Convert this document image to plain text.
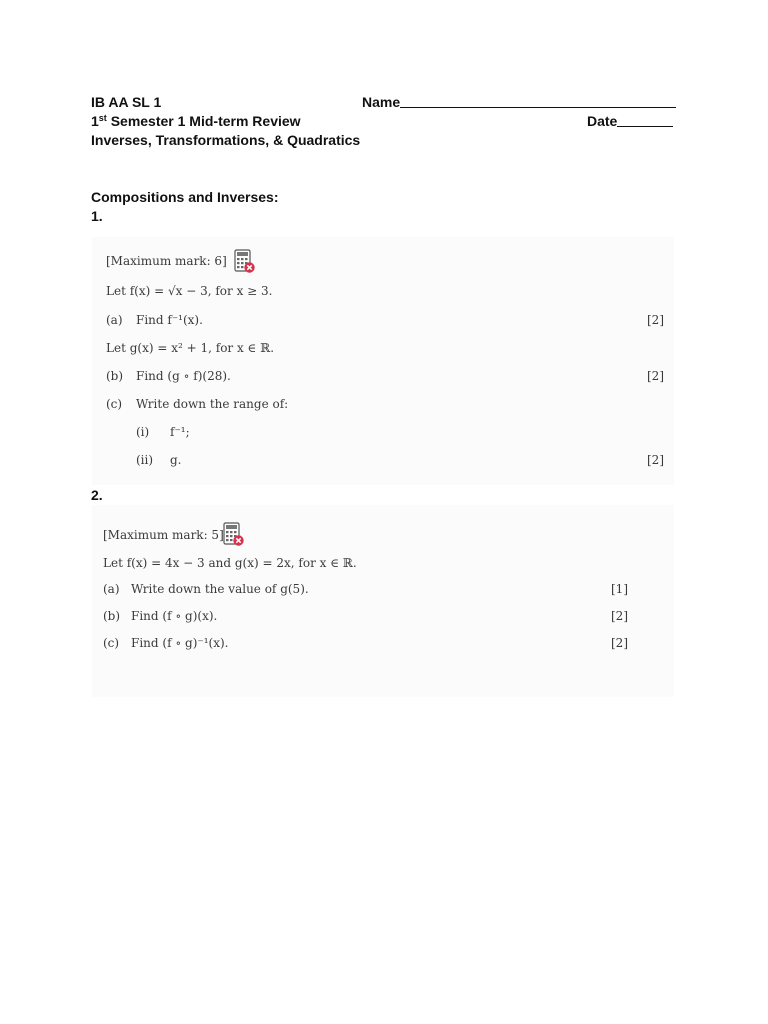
IB AA SL 1
1st Semester 1 Mid-term Review
Inverses, Transformations, & Quadratics
Name
Date
Compositions and Inverses:
1.
[Maximum mark: 6]
Let f(x) = √x − 3, for x ≥ 3.
(a) Find f⁻¹(x).	[2]
Let g(x) = x² + 1, for x ∈ ℝ.
(b) Find (g ∘ f)(28).	[2]
(c) Write down the range of:
(i) f⁻¹;
(ii) g.	[2]
2.
[Maximum mark: 5]
Let f(x) = 4x − 3 and g(x) = 2x, for x ∈ ℝ.
(a) Write down the value of g(5).	[1]
(b) Find (f ∘ g)(x).	[2]
(c) Find (f ∘ g)⁻¹(x).	[2]
